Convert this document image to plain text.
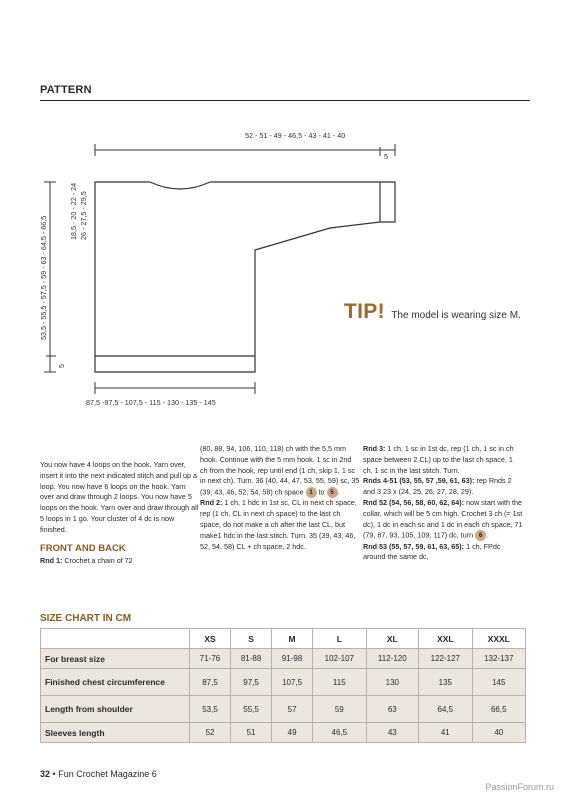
PATTERN
52 - 51 - 49 - 46,5 - 43 - 41 - 40
5
53,5 - 55,5 - 57,5 - 59 - 63 - 64,5 - 66,5
5
18,5 - 20 - 22 - 24 26 - 27,5 - 29,5
87,5 -97,5 - 107,5 - 115 - 130 - 135 - 145
TIP! The model is wearing size M.

You now have 4 loops on the hook. Yarn over, insert it into the next indicated stitch and pull up a loop. You now have 6 loops on the hook. Yarn over and draw through 2 loops. You now have 5 loops on the hook. Yarn over and draw through all 5 loops in 1 go. Your cluster of 4 dc is now finished.

FRONT AND BACK

Rnd 1: Crochet a chain of 72

(80, 88, 94, 106, 110, 118) ch with the 5,5 mm hook. Continue with the 5 mm hook. 1 sc in 2nd ch from the hook, rep until end (1 ch, skip 1, 1 sc in next ch). Turn. 36 (40, 44, 47, 53, 55, 59) sc, 35 (39, 43, 46, 52, 54, 58) ch space 1 to 5 .

Rnd 2: 1 ch, 1 hdc in 1st sc, CL in next ch space, rep (1 ch, CL in next ch space) to the last ch space, do not make a ch after the last CL, but make1 hdc in the last stitch. Turn. 35 (39, 43, 46, 52, 54, 58) CL + ch space, 2 hdc.

Rnd 3: 1 ch, 1 sc in 1st dc, rep (1 ch, 1 sc in ch space between 2 CL) up to the last ch space, 1 ch, 1 sc in the last stitch. Turn.

Rnds 4-51 (53, 55, 57 ,59, 61, 63): rep Rnds 2 and 3 23 x (24, 25, 26, 27, 28, 29).

Rnd 52 (54, 56, 58, 60, 62, 64): now start with the collar, which will be 5 cm high. Crochet 3 ch (= 1st dc), 1 dc in each sc and 1 dc in each ch space, 71 (79, 87, 93, 105, 109, 117) dc, turn 6 .

Rnd 53 (55, 57, 59, 61, 63, 65): 1 ch, FPdc around the same dc,

SIZE CHART IN CM
	XS	S	M	L	XL	XXL	XXXL
For breast size	71-76	81-88	91-98	102-107	112-120	122-127	132-137
Finished chest circumference	87,5	97,5	107,5	115	130	135	145
Length from shoulder	53,5	55,5	57	59	63	64,5	66,5
Sleeves length	52	51	49	46,5	43	41	40
32 • Fun Crochet Magazine 6
PassionForum.ru
